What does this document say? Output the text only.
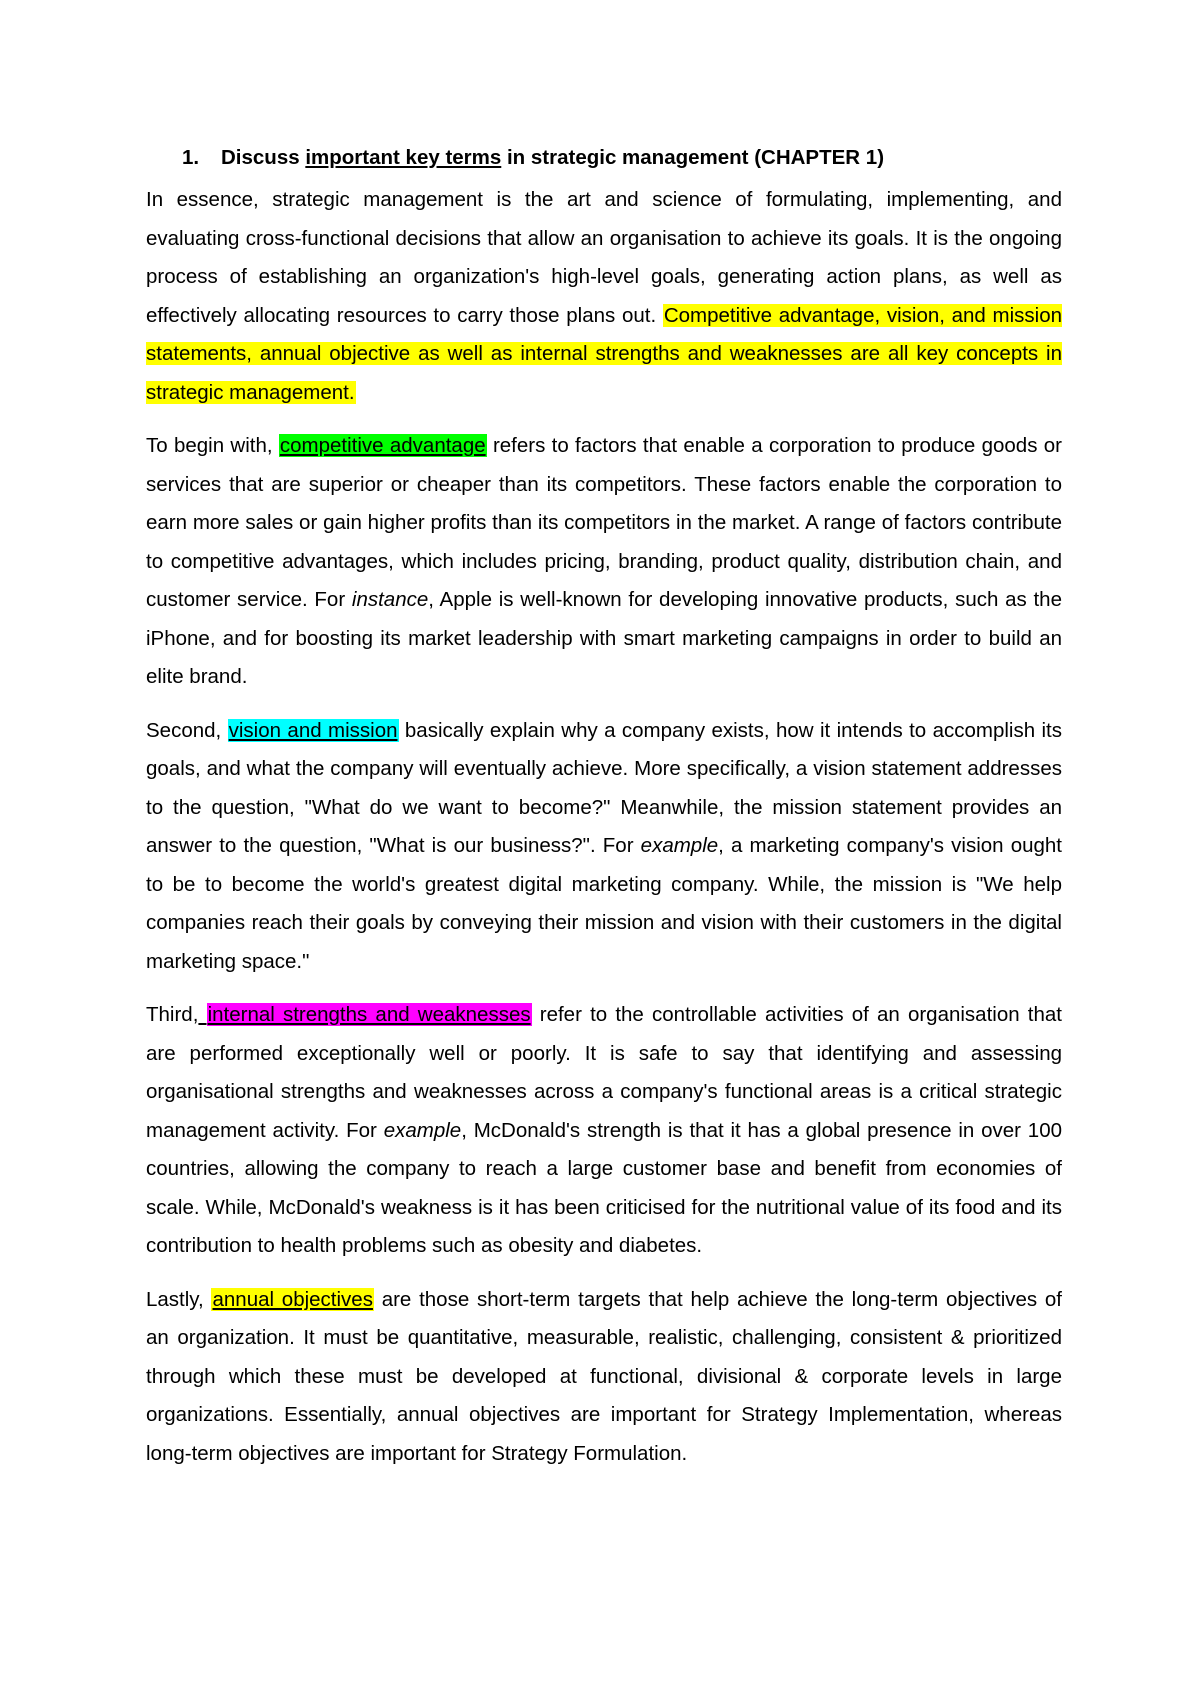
1. Discuss important key terms in strategic management (CHAPTER 1)

In essence, strategic management is the art and science of formulating, implementing, and evaluating cross-functional decisions that allow an organisation to achieve its goals. It is the ongoing process of establishing an organization's high-level goals, generating action plans, as well as effectively allocating resources to carry those plans out. Competitive advantage, vision, and mission statements, annual objective as well as internal strengths and weaknesses are all key concepts in strategic management.

To begin with, competitive advantage refers to factors that enable a corporation to produce goods or services that are superior or cheaper than its competitors. These factors enable the corporation to earn more sales or gain higher profits than its competitors in the market. A range of factors contribute to competitive advantages, which includes pricing, branding, product quality, distribution chain, and customer service. For instance, Apple is well-known for developing innovative products, such as the iPhone, and for boosting its market leadership with smart marketing campaigns in order to build an elite brand.

Second, vision and mission basically explain why a company exists, how it intends to accomplish its goals, and what the company will eventually achieve. More specifically, a vision statement addresses to the question, "What do we want to become?" Meanwhile, the mission statement provides an answer to the question, "What is our business?". For example, a marketing company's vision ought to be to become the world's greatest digital marketing company. While, the mission is "We help companies reach their goals by conveying their mission and vision with their customers in the digital marketing space."

Third, internal strengths and weaknesses refer to the controllable activities of an organisation that are performed exceptionally well or poorly. It is safe to say that identifying and assessing organisational strengths and weaknesses across a company's functional areas is a critical strategic management activity. For example, McDonald's strength is that it has a global presence in over 100 countries, allowing the company to reach a large customer base and benefit from economies of scale. While, McDonald's weakness is it has been criticised for the nutritional value of its food and its contribution to health problems such as obesity and diabetes.

Lastly, annual objectives are those short-term targets that help achieve the long-term objectives of an organization. It must be quantitative, measurable, realistic, challenging, consistent & prioritized through which these must be developed at functional, divisional & corporate levels in large organizations. Essentially, annual objectives are important for Strategy Implementation, whereas long-term objectives are important for Strategy Formulation.
